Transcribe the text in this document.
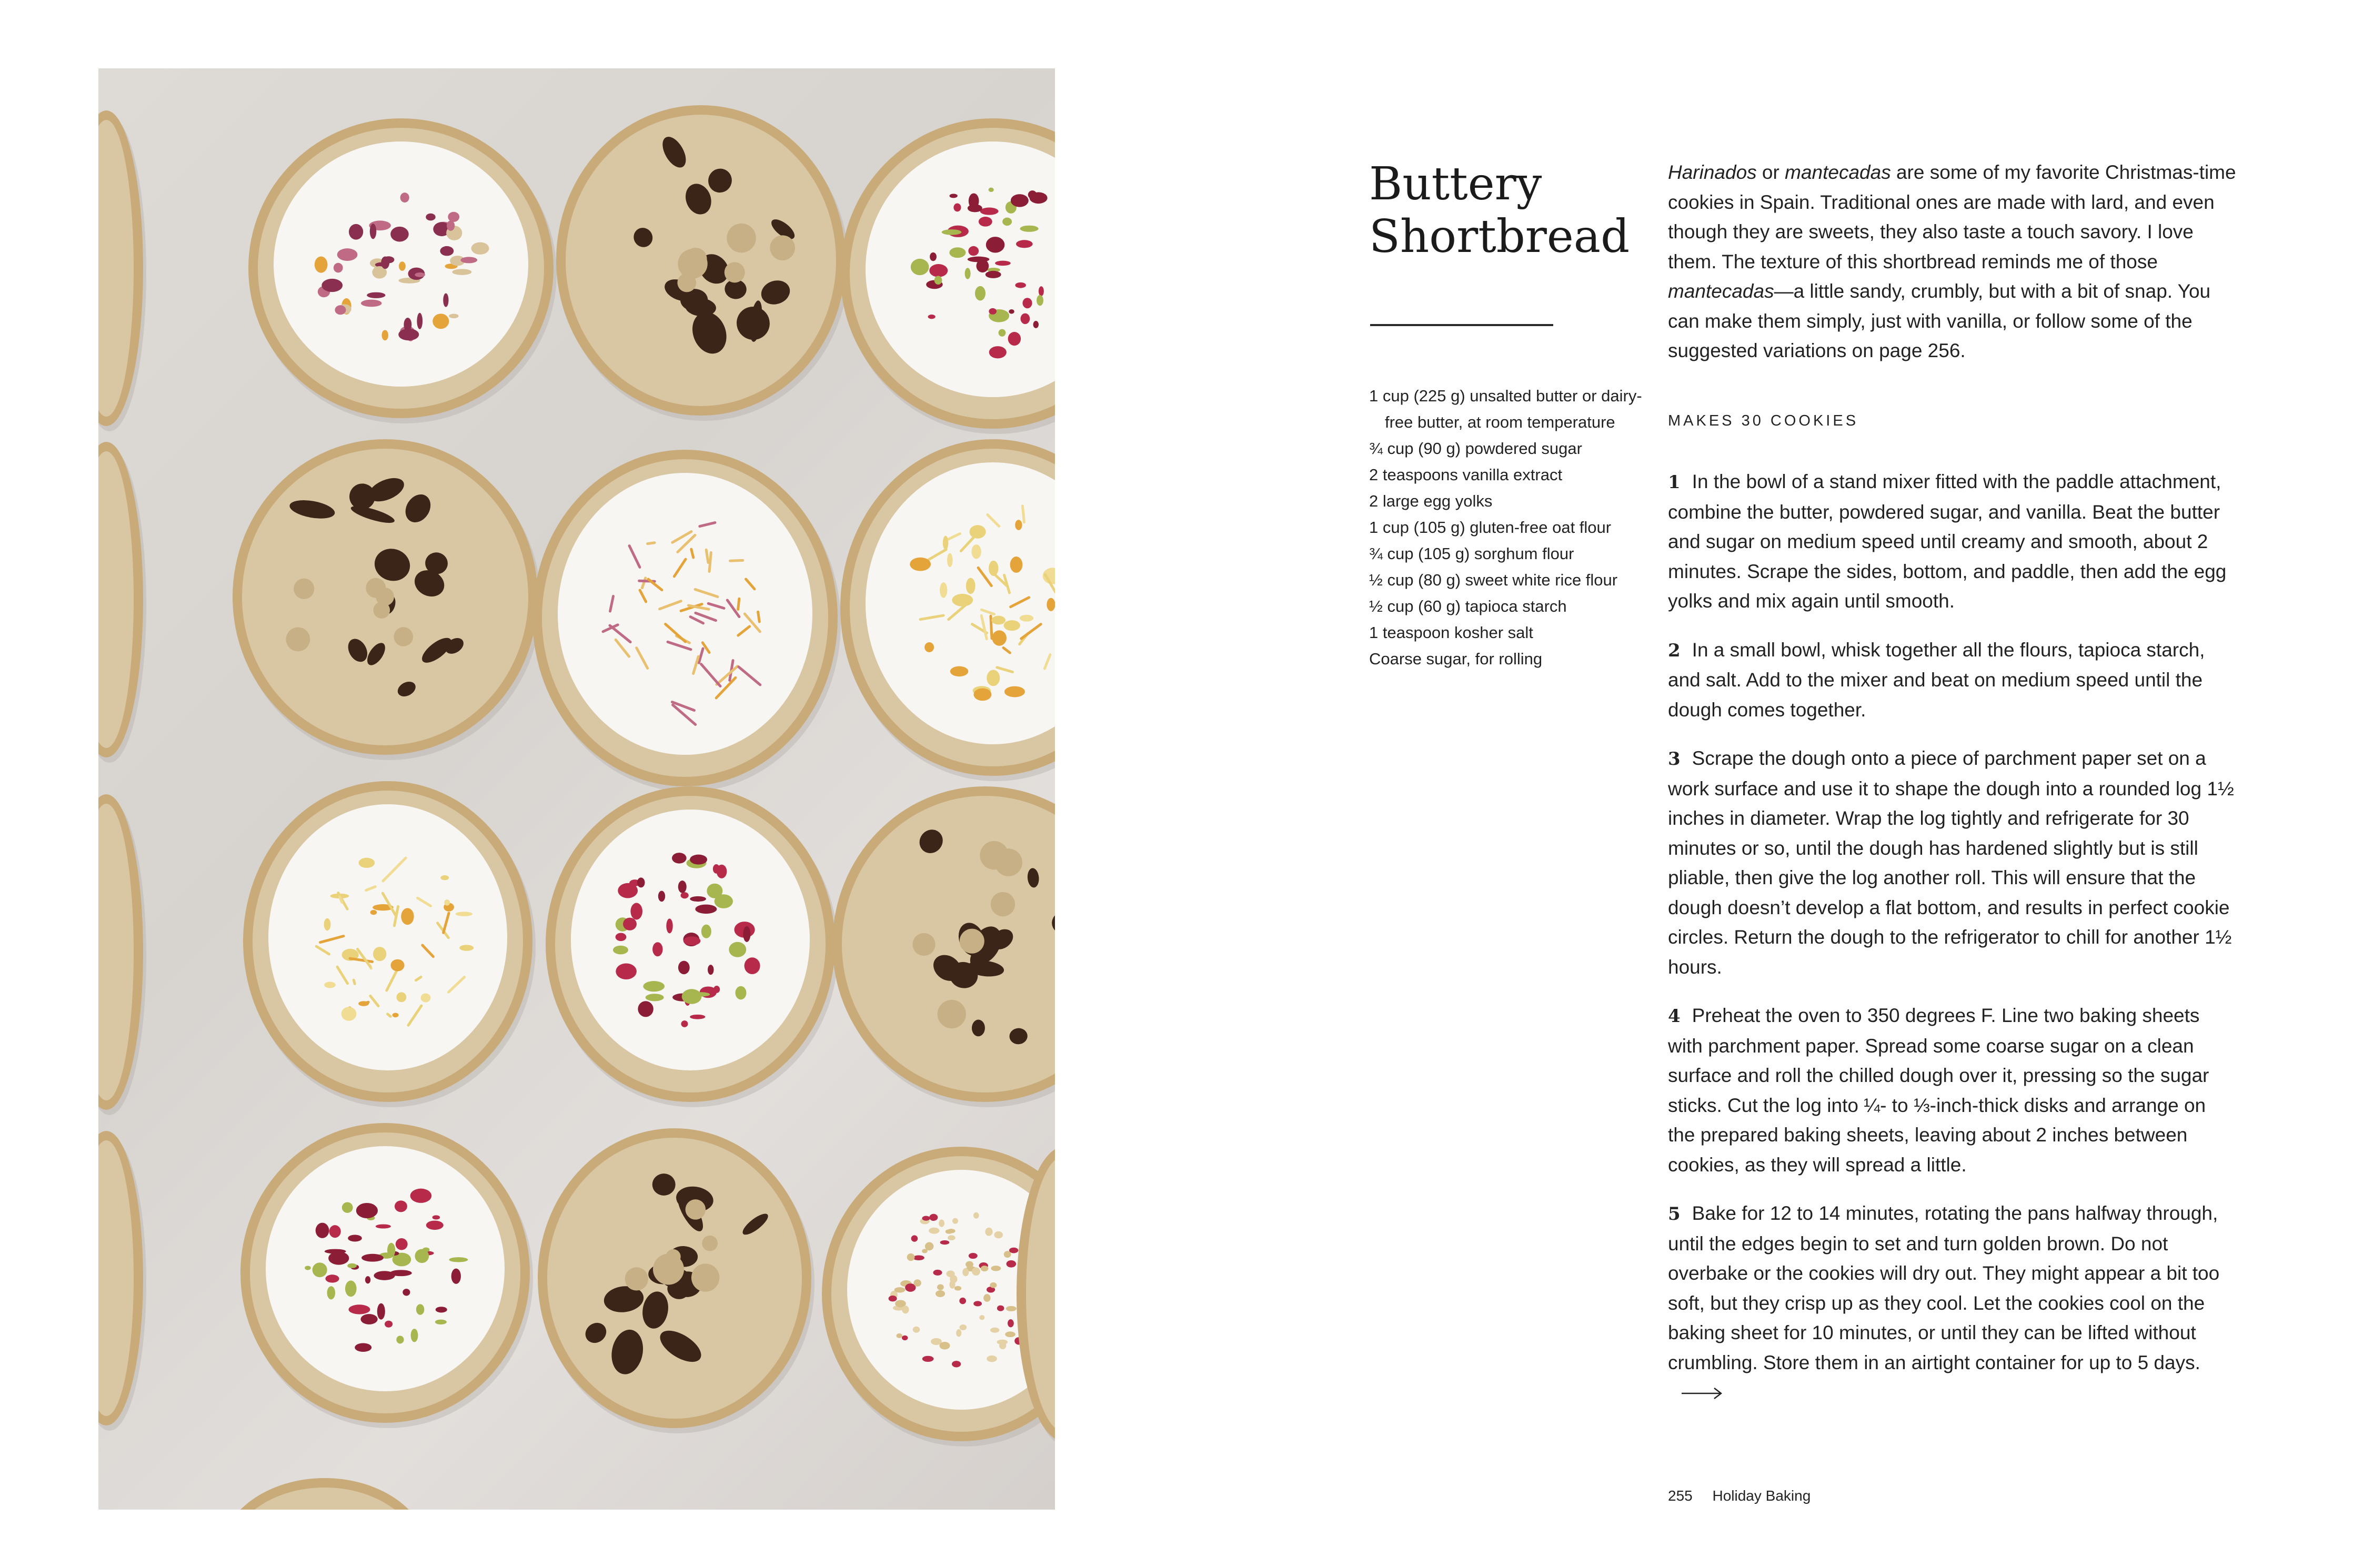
Buttery
Shortbread
1 cup (225 g) unsalted butter or dairy-free butter, at room temperature
¾ cup (90 g) powdered sugar
2 teaspoons vanilla extract
2 large egg yolks
1 cup (105 g) gluten-free oat flour
¾ cup (105 g) sorghum flour
½ cup (80 g) sweet white rice flour
½ cup (60 g) tapioca starch
1 teaspoon kosher salt
Coarse sugar, for rolling

Harinados or mantecadas are some of my favorite Christmas-time cookies in Spain. Traditional ones are made with lard, and even though they are sweets, they also taste a touch savory. I love them. The texture of this shortbread reminds me of those mantecadas—a little sandy, crumbly, but with a bit of snap. You can make them simply, just with vanilla, or follow some of the suggested variations on page 256.

MAKES 30 COOKIES

1 In the bowl of a stand mixer fitted with the paddle attachment, combine the butter, powdered sugar, and vanilla. Beat the butter and sugar on medium speed until creamy and smooth, about 2 minutes. Scrape the sides, bottom, and paddle, then add the egg yolks and mix again until smooth.

2 In a small bowl, whisk together all the flours, tapioca starch, and salt. Add to the mixer and beat on medium speed until the dough comes together.

3 Scrape the dough onto a piece of parchment paper set on a work surface and use it to shape the dough into a rounded log 1½ inches in diameter. Wrap the log tightly and refrigerate for 30 minutes or so, until the dough has hardened slightly but is still pliable, then give the log another roll. This will ensure that the dough doesn’t develop a flat bottom, and results in perfect cookie circles. Return the dough to the refrigerator to chill for another 1½ hours.

4 Preheat the oven to 350 degrees F. Line two baking sheets with parchment paper. Spread some coarse sugar on a clean surface and roll the chilled dough over it, pressing so the sugar sticks. Cut the log into ¼- to ⅓-inch-thick disks and arrange on the prepared baking sheets, leaving about 2 inches between cookies, as they will spread a little.

5 Bake for 12 to 14 minutes, rotating the pans halfway through, until the edges begin to set and turn golden brown. Do not overbake or the cookies will dry out. They might appear a bit too soft, but they crisp up as they cool. Let the cookies cool on the baking sheet for 10 minutes, or until they can be lifted without crumbling. Store them in an airtight container for up to 5 days.

255 Holiday Baking
